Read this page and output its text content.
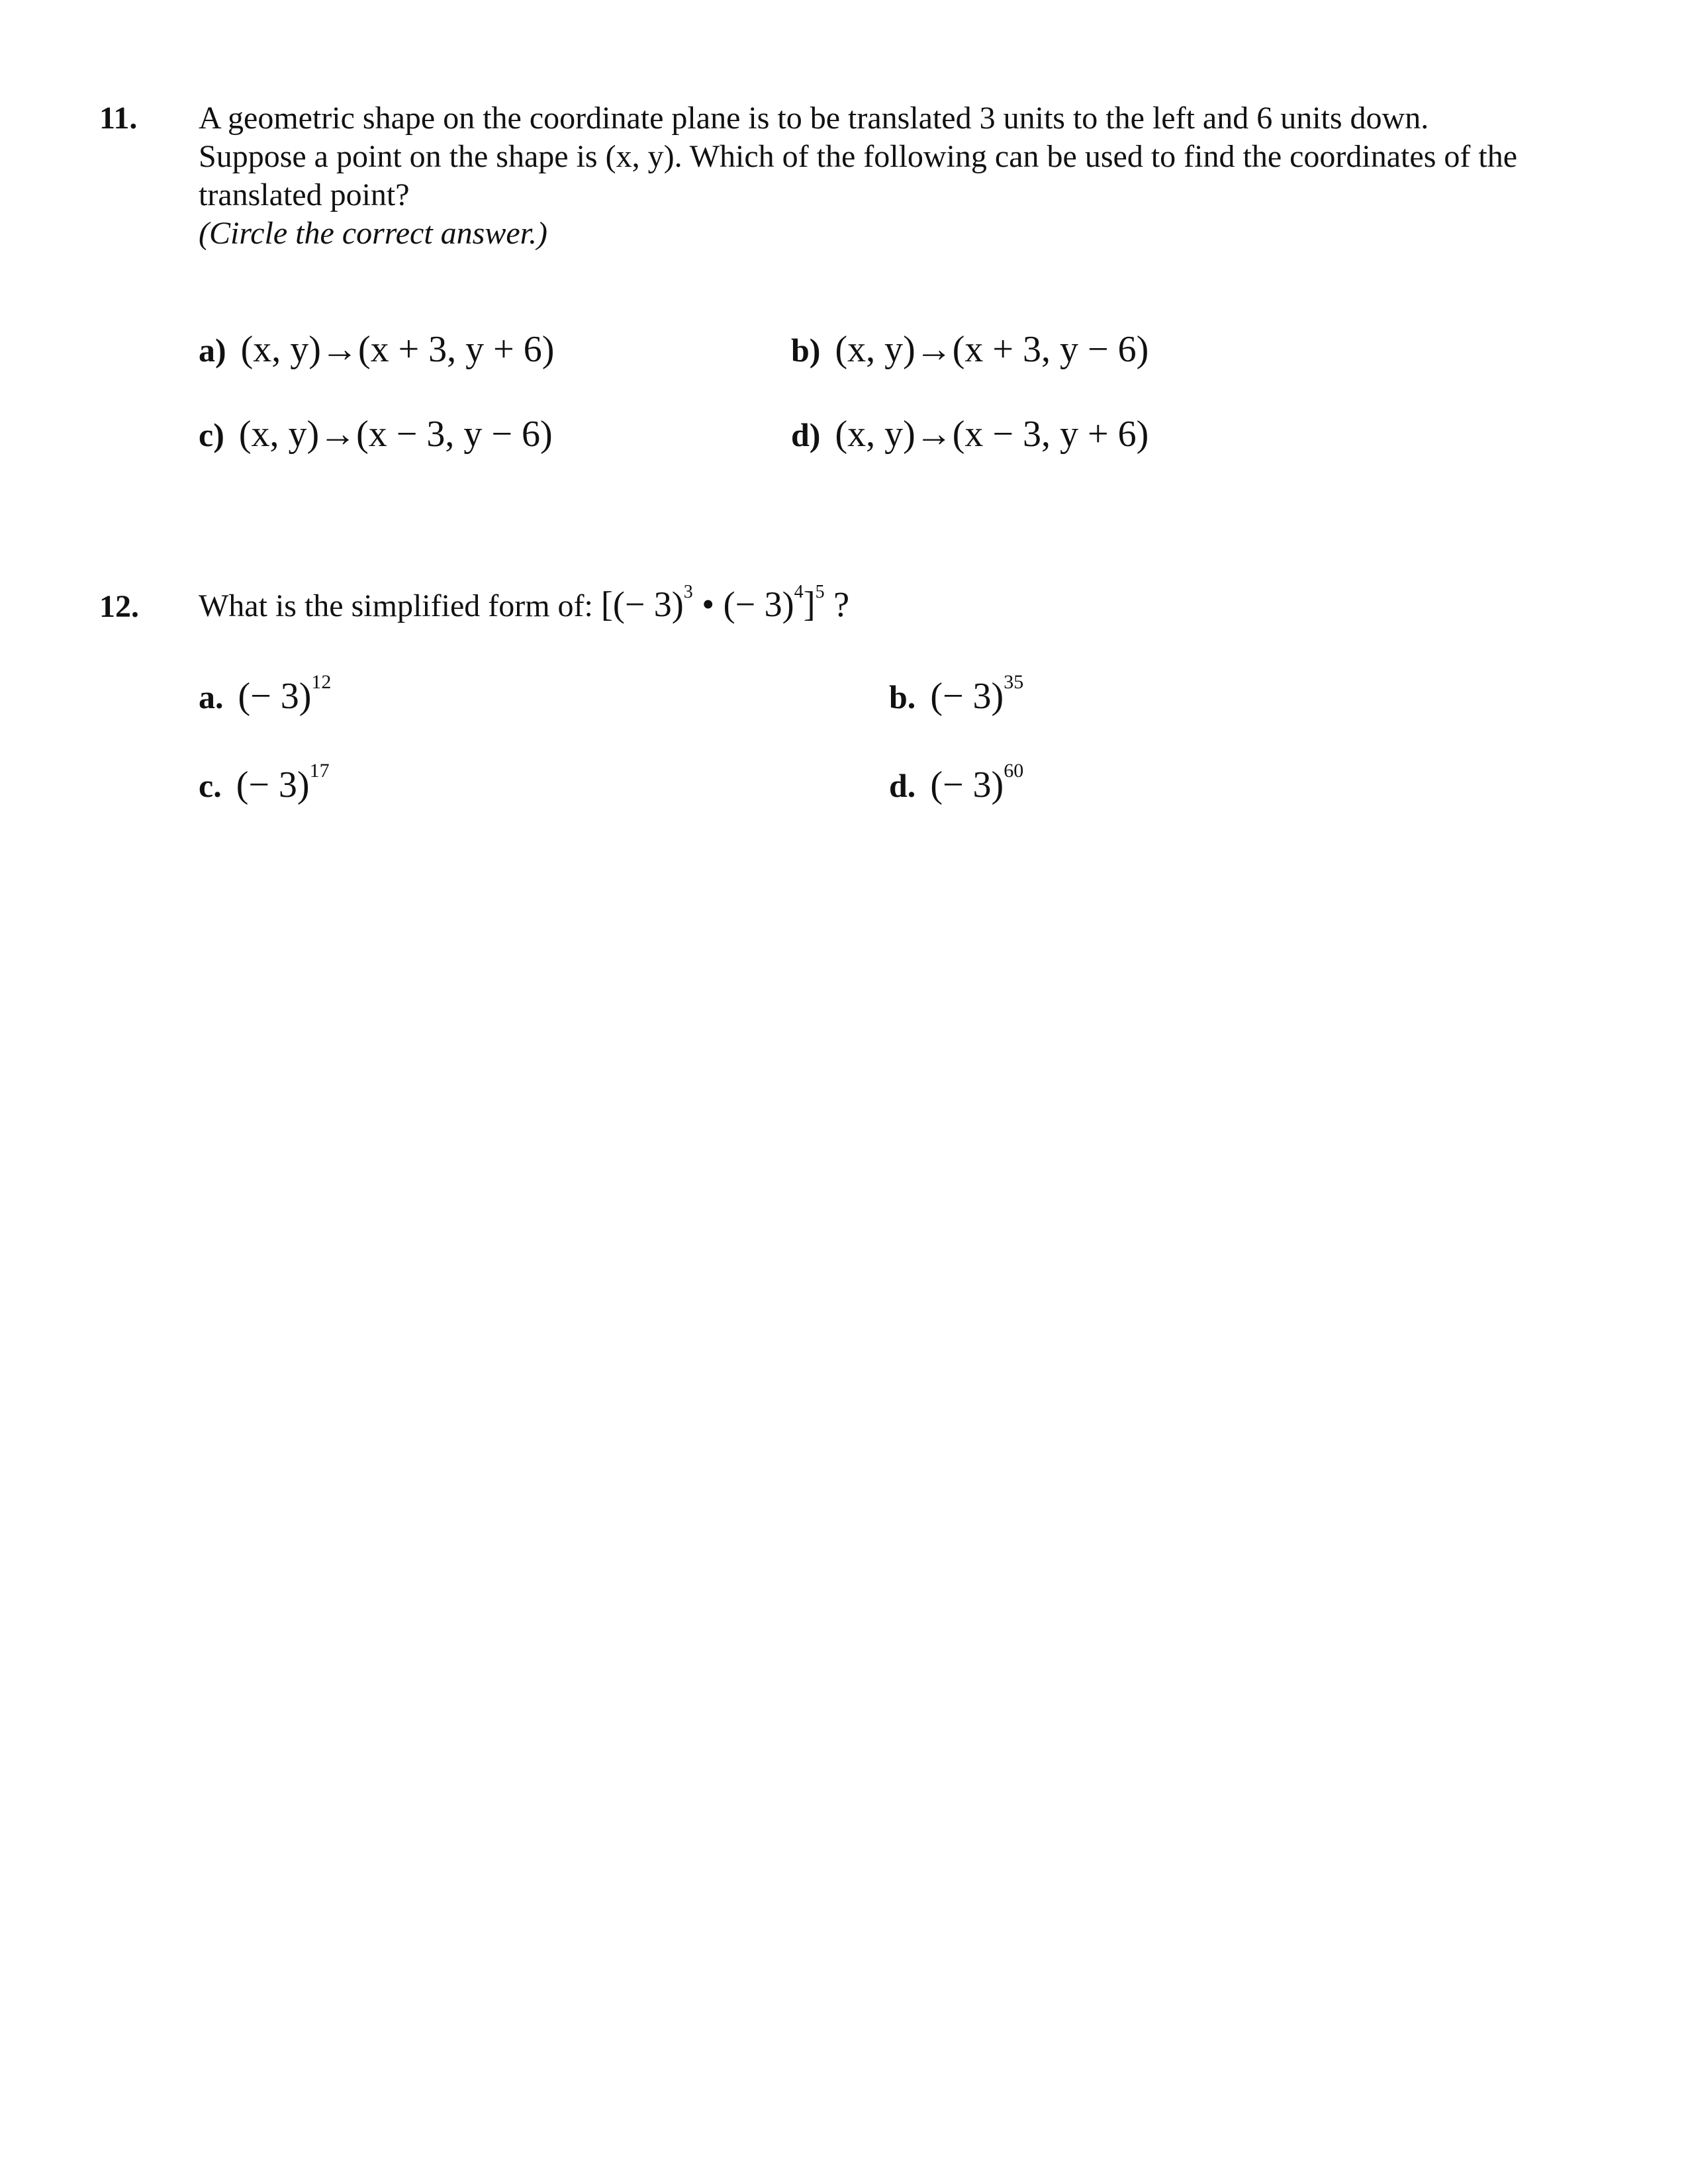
11. A geometric shape on the coordinate plane is to be translated 3 units to the left and 6 units down.

Suppose a point on the shape is (x, y). Which of the following can be used to find the coordinates of the

translated point?

(Circle the correct answer.)

a) (x, y)→(x + 3, y + 6)	b) (x, y)→(x + 3, y − 6)
c) (x, y)→(x − 3, y − 6)	d) (x, y)→(x − 3, y + 6)
12. What is the simplified form of: [(− 3)$^3$ • (− 3)$^4$]$^5$ ?
a. (− 3)$^{12}$	b. (− 3)$^{35}$
c. (− 3)$^{17}$	d. (− 3)$^{60}$
